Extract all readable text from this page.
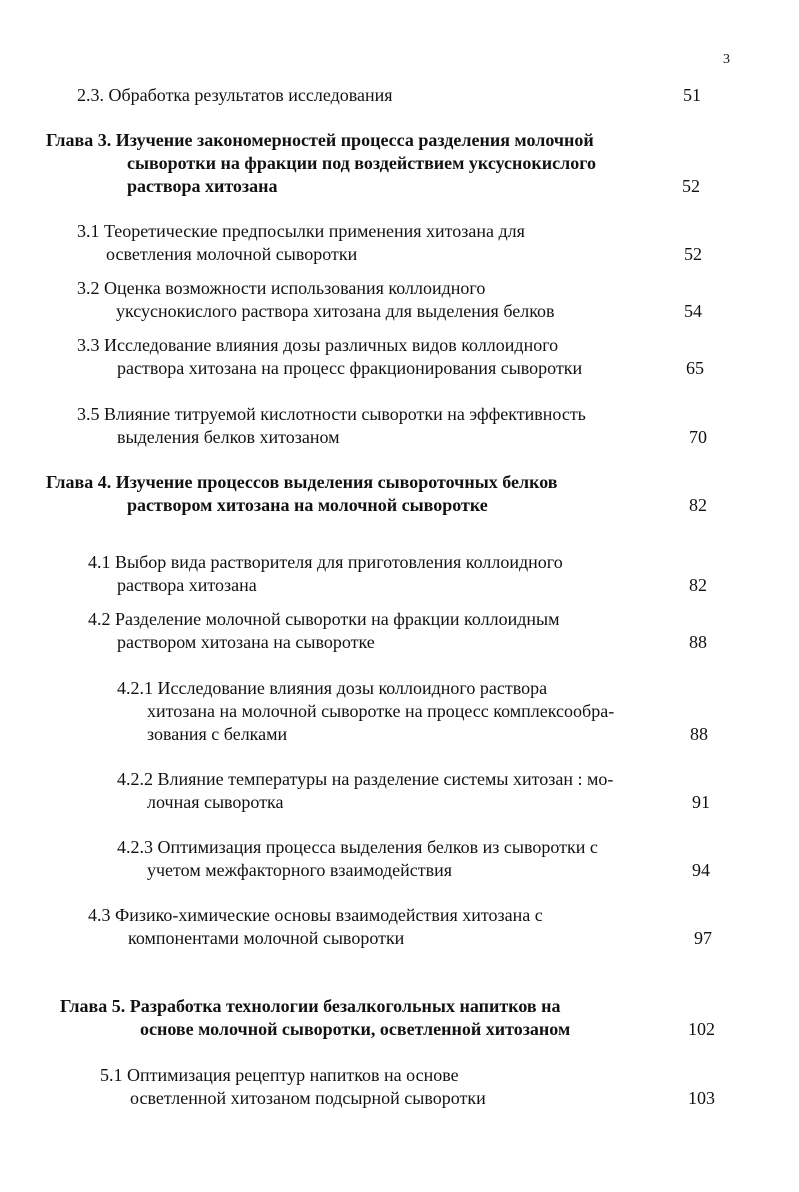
3
2.3. Обработка результатов исследования	51
Глава 3. Изучение закономерностей процесса разделения молочной
сыворотки на фракции под воздействием уксуснокислого
раствора хитозана	52
3.1 Теоретические предпосылки применения хитозана для
осветления молочной сыворотки	52
3.2 Оценка возможности использования коллоидного
уксуснокислого раствора хитозана для выделения белков	54
3.3 Исследование влияния дозы различных видов коллоидного
раствора хитозана на процесс фракционирования сыворотки	65
3.5 Влияние титруемой кислотности сыворотки на эффективность
выделения белков хитозаном	70
Глава 4. Изучение процессов выделения сывороточных белков
раствором хитозана на молочной сыворотке	82
4.1 Выбор вида растворителя для приготовления коллоидного
раствора хитозана	82
4.2 Разделение молочной сыворотки на фракции коллоидным
раствором хитозана на сыворотке	88
4.2.1 Исследование влияния дозы коллоидного раствора
хитозана на молочной сыворотке на процесс комплексообра-
зования с белками	88
4.2.2 Влияние температуры на разделение системы хитозан : мо-
лочная сыворотка	91
4.2.3 Оптимизация процесса выделения белков из сыворотки с
учетом межфакторного взаимодействия	94
4.3 Физико-химические основы взаимодействия хитозана с
компонентами молочной сыворотки	97
Глава 5. Разработка технологии безалкогольных напитков на
основе молочной сыворотки, осветленной хитозаном	102
5.1 Оптимизация рецептур напитков на основе
осветленной хитозаном подсырной сыворотки	103
